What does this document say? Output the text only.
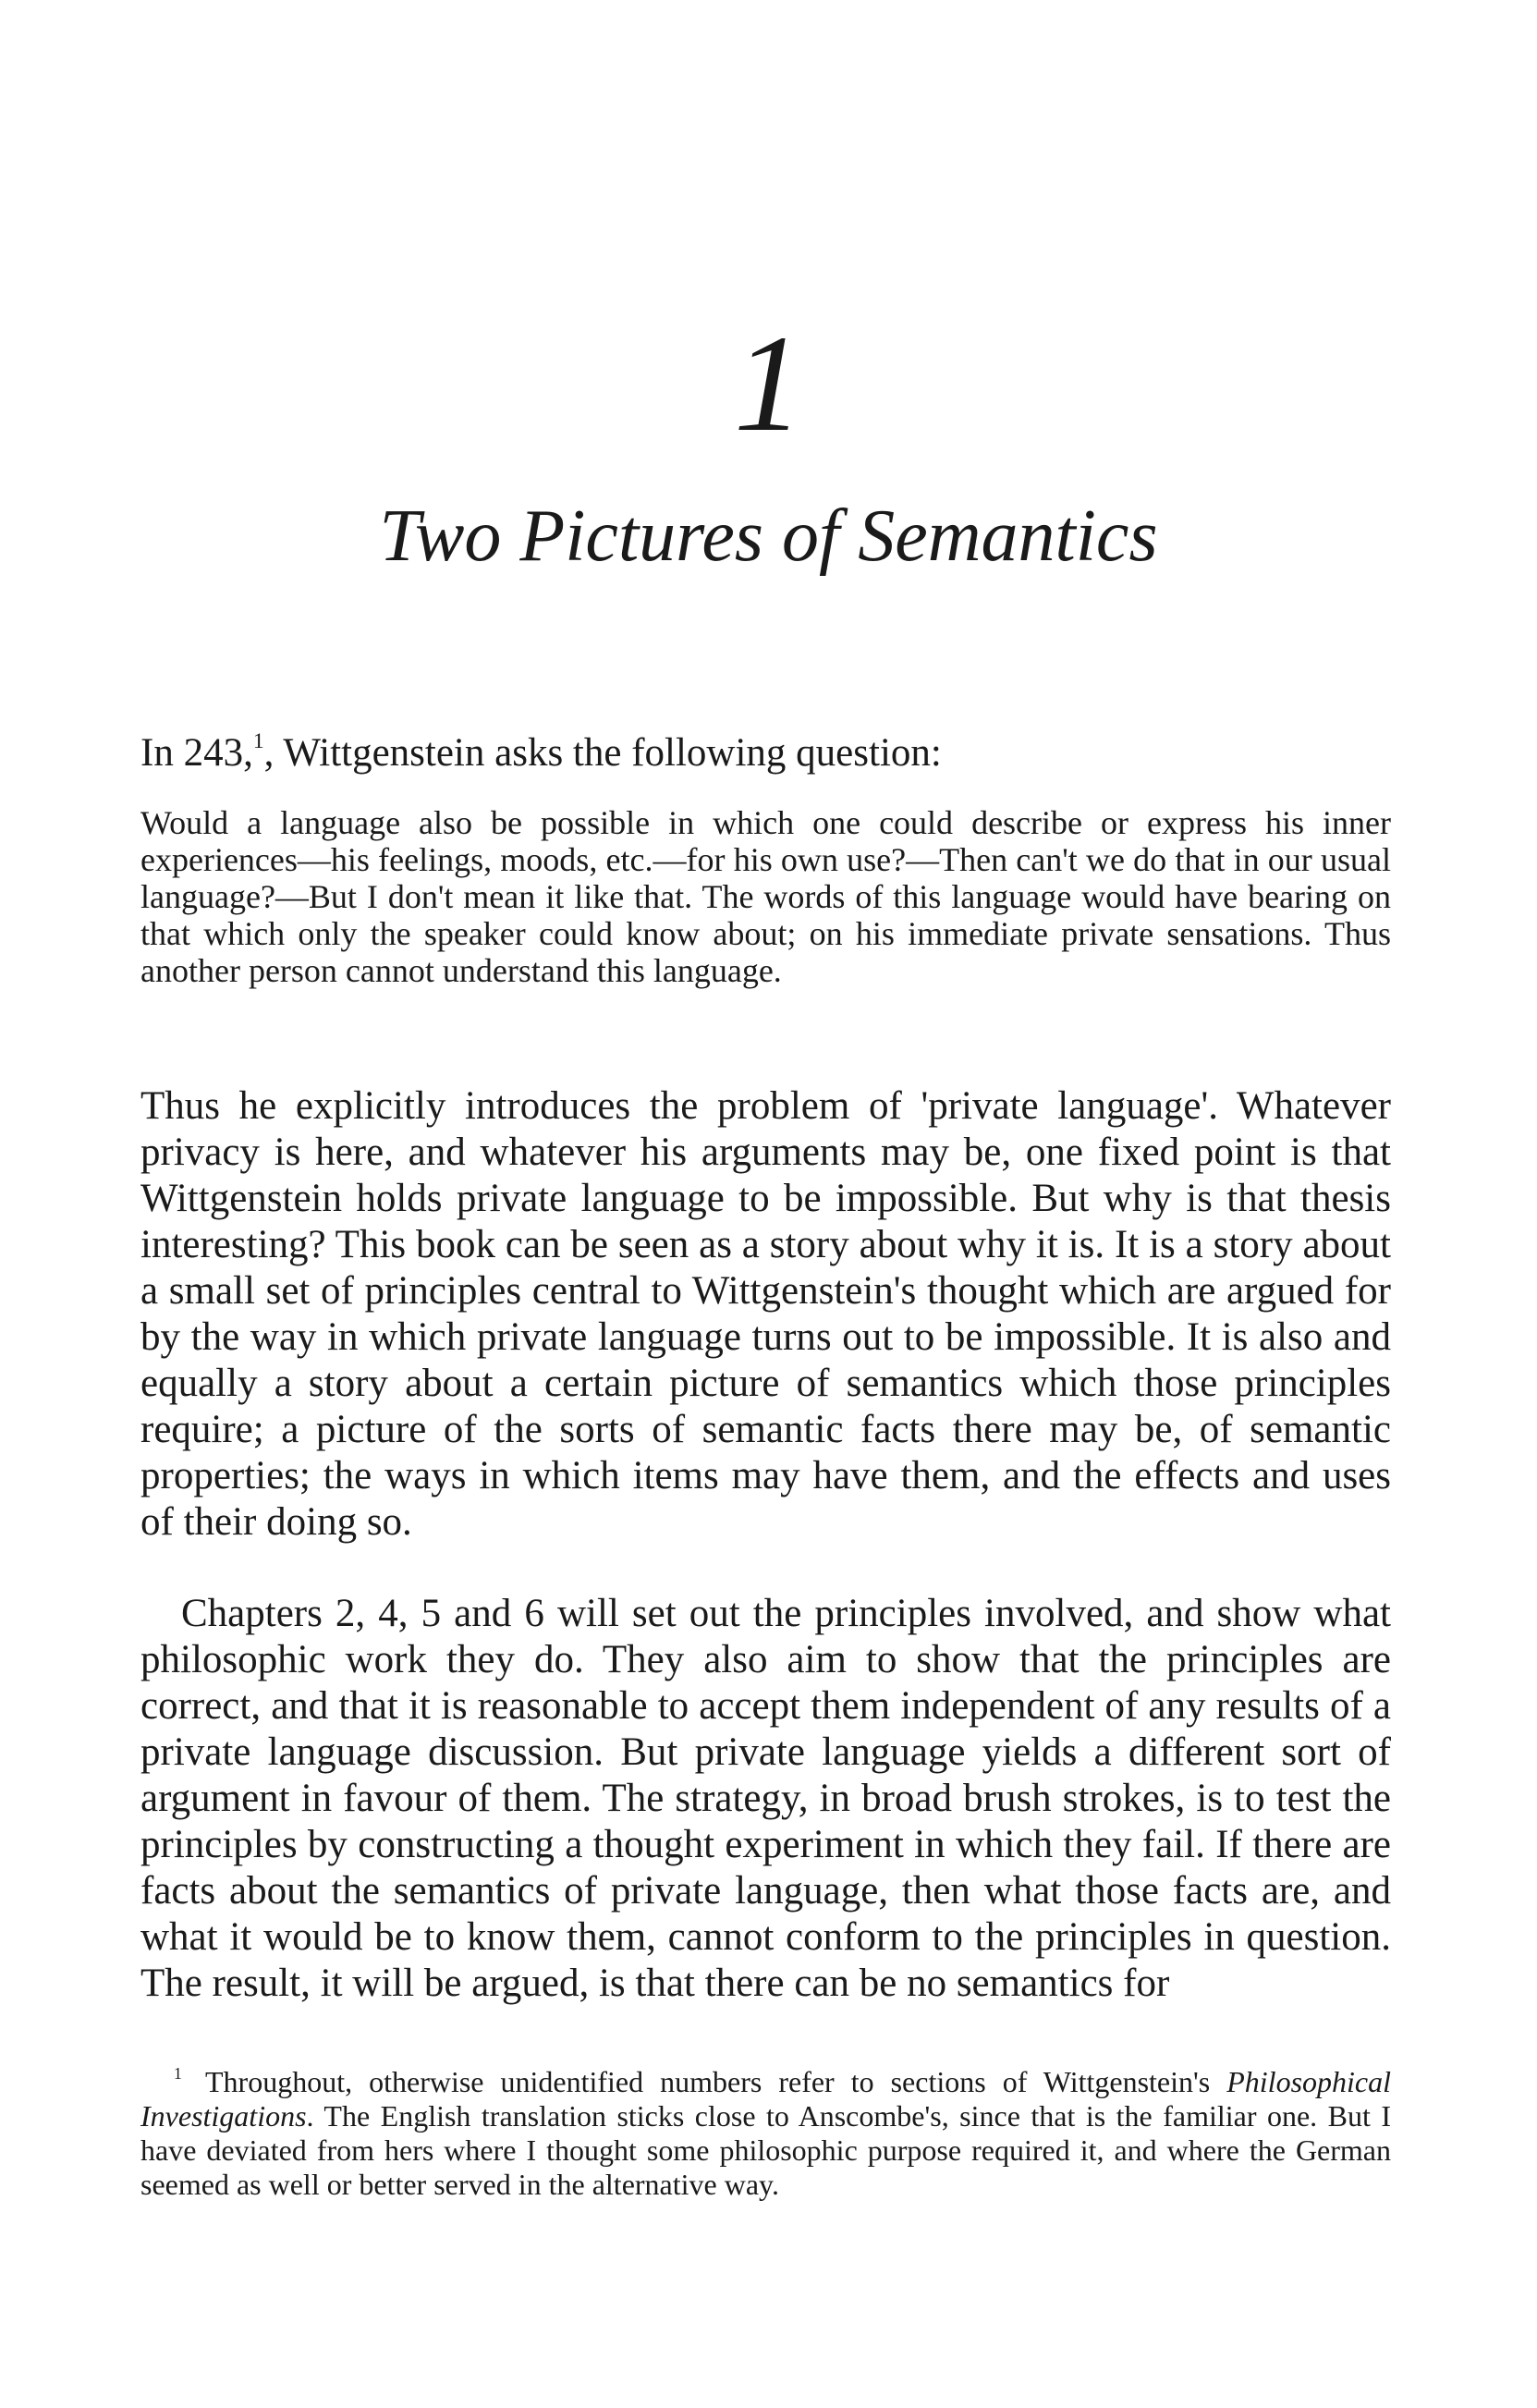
1
Two Pictures of Semantics

In 243,$^1$, Wittgenstein asks the following question:

Would a language also be possible in which one could describe or express his inner experiences—his feelings, moods, etc.—for his own use?—Then can't we do that in our usual language?—But I don't mean it like that. The words of this language would have bearing on that which only the speaker could know about; on his immediate private sensations. Thus another person cannot understand this language.

Thus he explicitly introduces the problem of 'private language'. Whatever privacy is here, and whatever his arguments may be, one fixed point is that Wittgenstein holds private language to be impossible. But why is that thesis interesting? This book can be seen as a story about why it is. It is a story about a small set of principles central to Wittgenstein's thought which are argued for by the way in which private language turns out to be impossible. It is also and equally a story about a certain picture of semantics which those principles require; a picture of the sorts of semantic facts there may be, of semantic properties; the ways in which items may have them, and the effects and uses of their doing so.

Chapters 2, 4, 5 and 6 will set out the principles involved, and show what philosophic work they do. They also aim to show that the principles are correct, and that it is reasonable to accept them independent of any results of a private language discussion. But private language yields a different sort of argument in favour of them. The strategy, in broad brush strokes, is to test the principles by constructing a thought experiment in which they fail. If there are facts about the semantics of private language, then what those facts are, and what it would be to know them, cannot conform to the principles in question. The result, it will be argued, is that there can be no semantics for

$^1$ Throughout, otherwise unidentified numbers refer to sections of Wittgenstein's Philosophical Investigations. The English translation sticks close to Anscombe's, since that is the familiar one. But I have deviated from hers where I thought some philosophic purpose required it, and where the German seemed as well or better served in the alternative way.
